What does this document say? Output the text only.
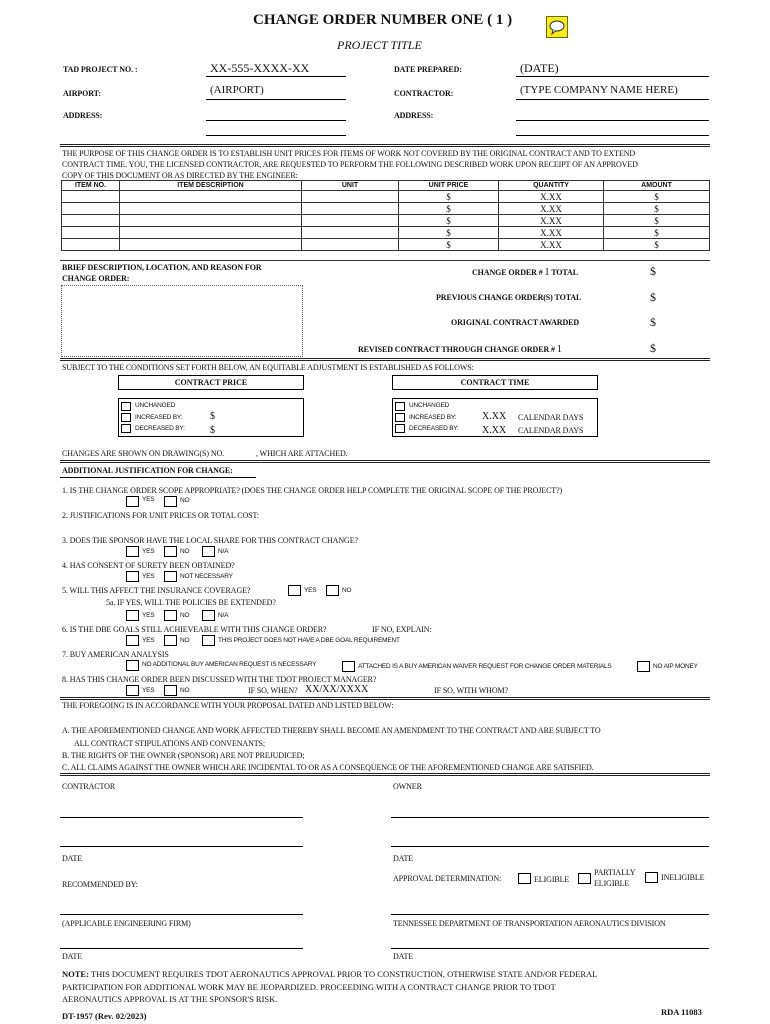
CHANGE ORDER NUMBER ONE ( 1 )
PROJECT TITLE
TAD PROJECT NO. :	XX-555-XXXX-XX	DATE PREPARED:	(DATE)
AIRPORT:	(AIRPORT)	CONTRACTOR:	(TYPE COMPANY NAME HERE)
ADDRESS:	ADDRESS:
THE PURPOSE OF THIS CHANGE ORDER IS TO ESTABLISH UNIT PRICES FOR ITEMS OF WORK NOT COVERED BY THE ORIGINAL CONTRACT AND TO EXTEND
CONTRACT TIME. YOU, THE LICENSED CONTRACTOR, ARE REQUESTED TO PERFORM THE FOLLOWING DESCRIBED WORK UPON RECEIPT OF AN APPROVED
COPY OF THIS DOCUMENT OR AS DIRECTED BY THE ENGINEER:
ITEM NO.	ITEM DESCRIPTION	UNIT	UNIT PRICE	QUANTITY	AMOUNT
			$	X.XX	$
			$	X.XX	$
			$	X.XX	$
			$	X.XX	$
			$	X.XX	$
BRIEF DESCRIPTION, LOCATION, AND REASON FOR
CHANGE ORDER:
CHANGE ORDER # 1 TOTAL	$
PREVIOUS CHANGE ORDER(S) TOTAL	$
ORIGINAL CONTRACT AWARDED	$
REVISED CONTRACT THROUGH CHANGE ORDER # 1	$
SUBJECT TO THE CONDITIONS SET FORTH BELOW, AN EQUITABLE ADJUSTMENT IS ESTABLISHED AS FOLLOWS:
CONTRACT PRICE	CONTRACT TIME
UNCHANGED
INCREASED BY:	$
DECREASED BY:	$
UNCHANGED
INCREASED BY:	X.XX CALENDAR DAYS
DECREASED BY: X.XX CALENDAR DAYS
CHANGES ARE SHOWN ON DRAWING(S) NO.	, WHICH ARE ATTACHED.
ADDITIONAL JUSTIFICATION FOR CHANGE:
1. IS THE CHANGE ORDER SCOPE APPROPRIATE? (DOES THE CHANGE ORDER HELP COMPLETE THE ORIGINAL SCOPE OF THE PROJECT?)
YES	NO
2. JUSTIFICATIONS FOR UNIT PRICES OR TOTAL COST:
3. DOES THE SPONSOR HAVE THE LOCAL SHARE FOR THIS CONTRACT CHANGE?
YES	NO	N/A
4. HAS CONSENT OF SURETY BEEN OBTAINED?
YES	NOT NECESSARY
5. WILL THIS AFFECT THE INSURANCE COVERAGE?	YES	NO
5a. IF YES, WILL THE POLICIES BE EXTENDED?
YES	NO	N/A
6. IS THE DBE GOALS STILL ACHIEVEABLE WITH THIS CHANGE ORDER?	IF NO, EXPLAIN:
YES	NO	THIS PROJECT DOES NOT HAVE A DBE GOAL REQUIREMENT
7. BUY AMERICAN ANALYSIS
NO ADDITIONAL BUY AMERICAN REQUEST IS NECESSARY	ATTACHED IS A BUY AMERICAN WAIVER REQUEST FOR CHANGE ORDER MATERIALS	NO AIP MONEY
8. HAS THIS CHANGE ORDER BEEN DISCUSSED WITH THE TDOT PROJECT MANAGER?
YES	NO	IF SO, WHEN? XX/XX/XXXX	IF SO, WITH WHOM?
THE FOREGOING IS IN ACCORDANCE WITH YOUR PROPOSAL DATED AND LISTED BELOW:
A. THE AFOREMENTIONED CHANGE AND WORK AFFECTED THEREBY SHALL BECOME AN AMENDMENT TO THE CONTRACT AND ARE SUBJECT TO
ALL CONTRACT STIPULATIONS AND CONVENANTS;
B. THE RIGHTS OF THE OWNER (SPONSOR) ARE NOT PREJUDICED;
C. ALL CLAIMS AGAINST THE OWNER WHICH ARE INCIDENTAL TO OR AS A CONSEQUENCE OF THE AFOREMENTIONED CHANGE ARE SATISFIED.
CONTRACTOR	OWNER
DATE	DATE
RECOMMENDED BY:
APPROVAL DETERMINATION:	ELIGIBLE
PARTIALLY
ELIGIBLE
INELIGIBLE
(APPLICABLE ENGINEERING FIRM)	TENNESSEE DEPARTMENT OF TRANSPORTATION AERONAUTICS DIVISION
DATE	DATE
NOTE: THIS DOCUMENT REQUIRES TDOT AERONAUTICS APPROVAL PRIOR TO CONSTRUCTION, OTHERWISE STATE AND/OR FEDERAL
PARTICIPATION FOR ADDITIONAL WORK MAY BE JEOPARDIZED. PROCEEDING WITH A CONTRACT CHANGE PRIOR TO TDOT
AERONAUTICS APPROVAL IS AT THE SPONSOR'S RISK.
DT-1957 (Rev. 02/2023)	RDA 11083
